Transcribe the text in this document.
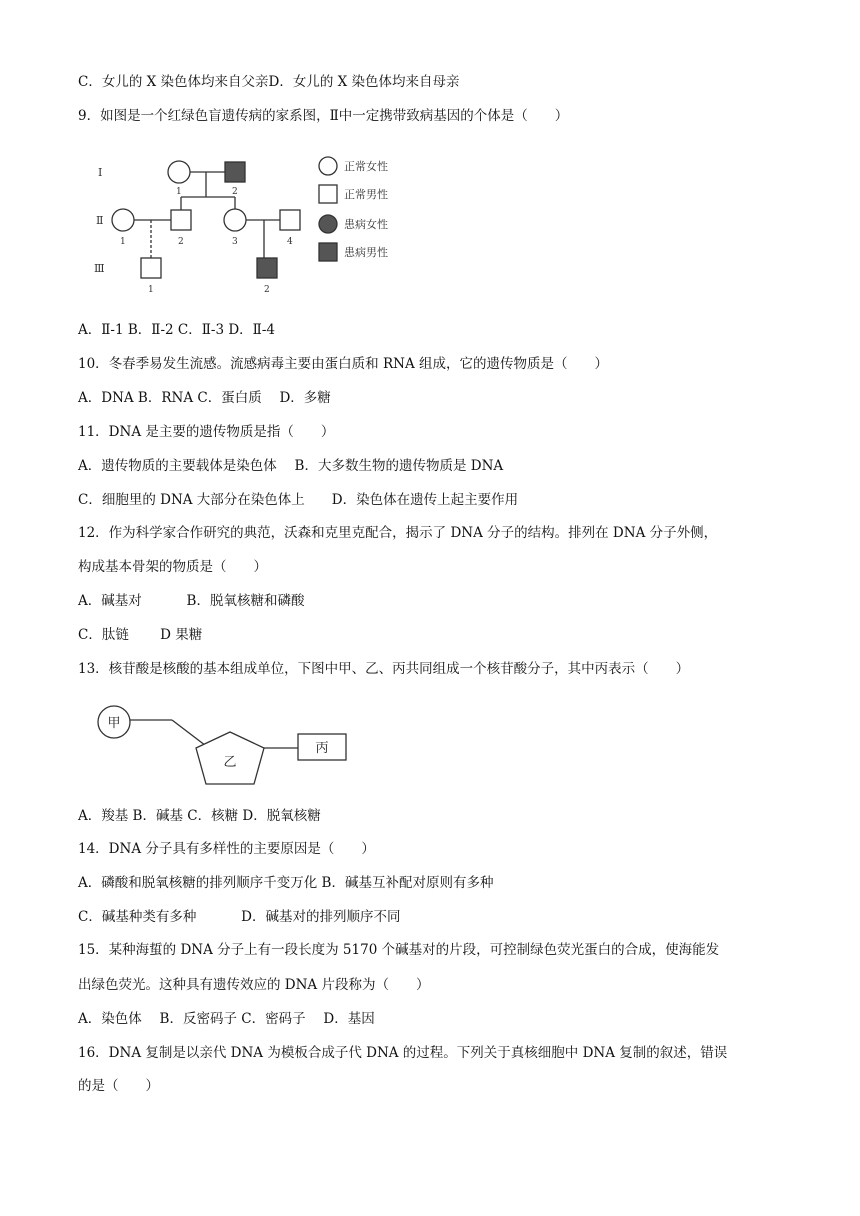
C．女儿的 X 染色体均来自父亲D．女儿的 X 染色体均来自母亲
9．如图是一个红绿色盲遗传病的家系图，Ⅱ中一定携带致病基因的个体是（　　）
Ⅰ
Ⅱ
Ⅲ
1	2
1	2	3	4
1	2
正常女性
正常男性
患病女性
患病男性
A．Ⅱ-1 B．Ⅱ-2 C．Ⅱ-3 D．Ⅱ-4
10．冬春季易发生流感。流感病毒主要由蛋白质和 RNA 组成，它的遗传物质是（　　）
A．DNA B．RNA C．蛋白质　 D．多糖
11．DNA 是主要的遗传物质是指（　　）
A．遗传物质的主要载体是染色体　 B．大多数生物的遗传物质是 DNA
C．细胞里的 DNA 大部分在染色体上　　D．染色体在遗传上起主要作用
12．作为科学家合作研究的典范，沃森和克里克配合，揭示了 DNA 分子的结构。排列在 DNA 分子外侧，
构成基本骨架的物质是（　　）
A．碱基对　　　 B．脱氧核糖和磷酸
C．肽链　　 D 果糖
13．核苷酸是核酸的基本组成单位，下图中甲、乙、丙共同组成一个核苷酸分子，其中丙表示（　　）
甲
乙
丙
A．羧基 B．碱基 C．核糖 D．脱氧核糖
14．DNA 分子具有多样性的主要原因是（　　）
A．磷酸和脱氧核糖的排列顺序千变万化 B．碱基互补配对原则有多种
C．碱基种类有多种　　　 D．碱基对的排列顺序不同
15．某种海蜇的 DNA 分子上有一段长度为 5170 个碱基对的片段，可控制绿色荧光蛋白的合成，使海能发
出绿色荧光。这种具有遗传效应的 DNA 片段称为（　　）
A．染色体　 B．反密码子 C．密码子　 D．基因
16．DNA 复制是以亲代 DNA 为模板合成子代 DNA 的过程。下列关于真核细胞中 DNA 复制的叙述，错误
的是（　　）
